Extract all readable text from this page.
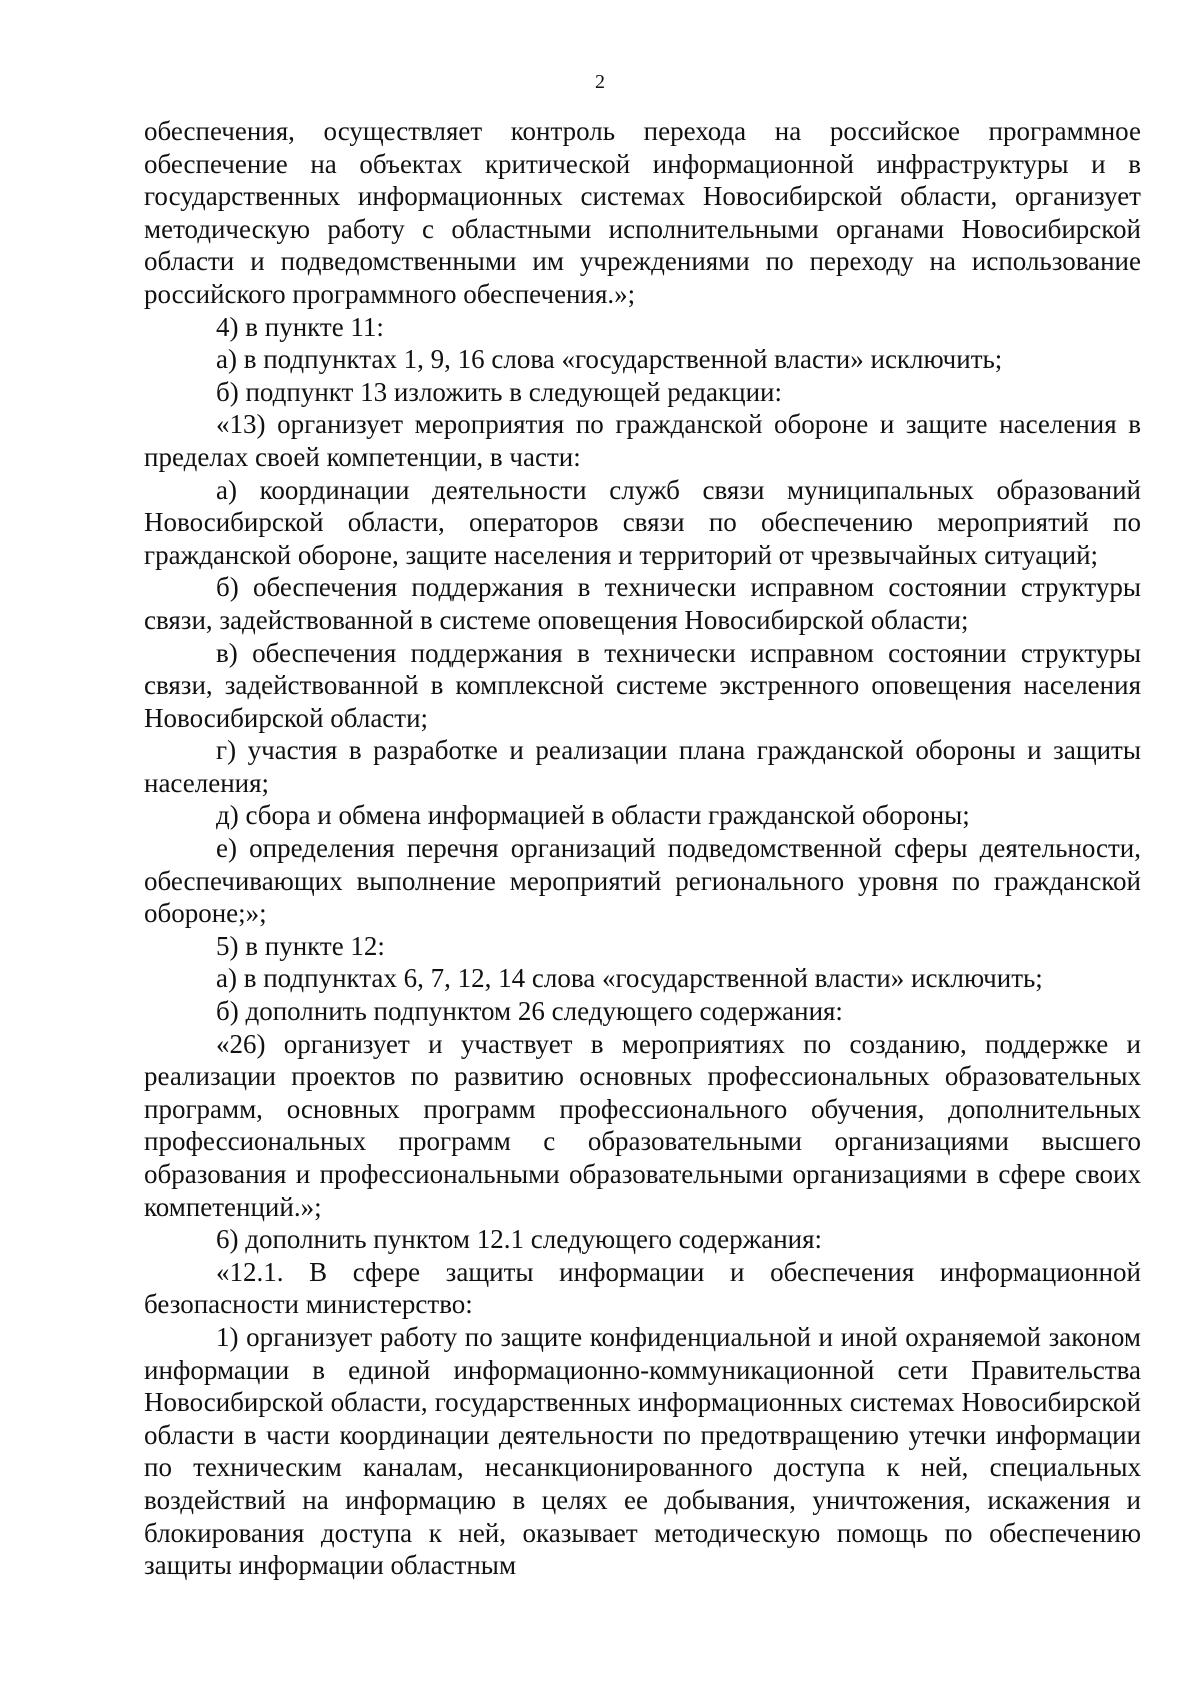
2

обеспечения, осуществляет контроль перехода на российское программное обеспечение на объектах критической информационной инфраструктуры и в государственных информационных системах Новосибирской области, организует методическую работу с областными исполнительными органами Новосибирской области и подведомственными им учреждениями по переходу на использование российского программного обеспечения.»;

4) в пункте 11:

а) в подпунктах 1, 9, 16 слова «государственной власти» исключить;

б) подпункт 13 изложить в следующей редакции:

«13) организует мероприятия по гражданской обороне и защите населения в пределах своей компетенции, в части:

а) координации деятельности служб связи муниципальных образований Новосибирской области, операторов связи по обеспечению мероприятий по гражданской обороне, защите населения и территорий от чрезвычайных ситуаций;

б) обеспечения поддержания в технически исправном состоянии структуры связи, задействованной в системе оповещения Новосибирской области;

в) обеспечения поддержания в технически исправном состоянии структуры связи, задействованной в комплексной системе экстренного оповещения населения Новосибирской области;

г) участия в разработке и реализации плана гражданской обороны и защиты населения;

д) сбора и обмена информацией в области гражданской обороны;

е) определения перечня организаций подведомственной сферы деятельности, обеспечивающих выполнение мероприятий регионального уровня по гражданской обороне;»;

5) в пункте 12:

а) в подпунктах 6, 7, 12, 14 слова «государственной власти» исключить;

б) дополнить подпунктом 26 следующего содержания:

«26) организует и участвует в мероприятиях по созданию, поддержке и реализации проектов по развитию основных профессиональных образовательных программ, основных программ профессионального обучения, дополнительных профессиональных программ с образовательными организациями высшего образования и профессиональными образовательными организациями в сфере своих компетенций.»;

6) дополнить пунктом 12.1 следующего содержания:

«12.1. В сфере защиты информации и обеспечения информационной безопасности министерство:

1) организует работу по защите конфиденциальной и иной охраняемой законом информации в единой информационно-коммуникационной сети Правительства Новосибирской области, государственных информационных системах Новосибирской области в части координации деятельности по предотвращению утечки информации по техническим каналам, несанкционированного доступа к ней, специальных воздействий на информацию в целях ее добывания, уничтожения, искажения и блокирования доступа к ней, оказывает методическую помощь по обеспечению защиты информации областным
